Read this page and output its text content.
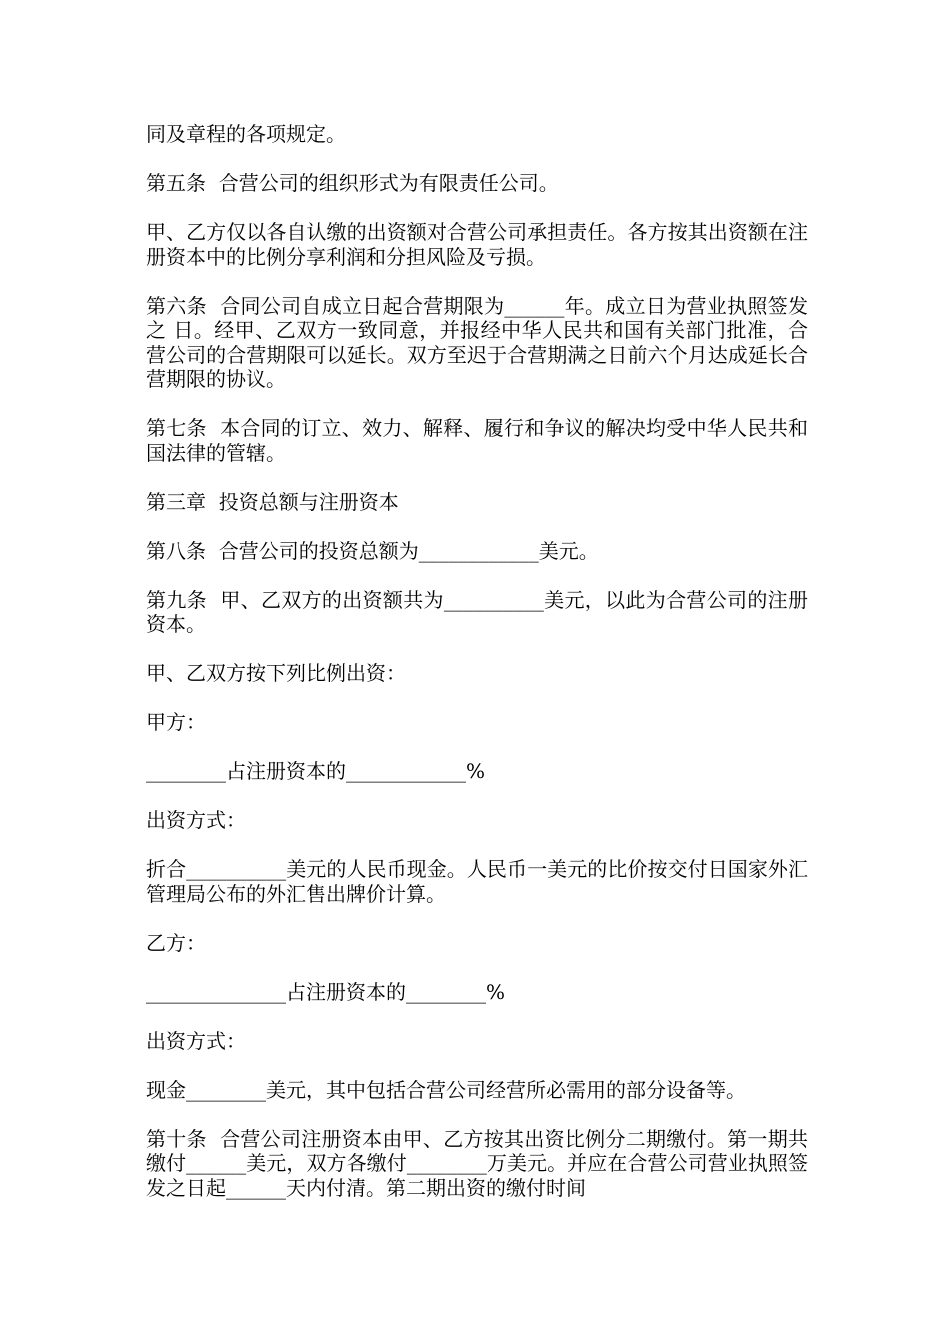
同及章程的各项规定。

第五条  合营公司的组织形式为有限责任公司。

甲、乙方仅以各自认缴的出资额对合营公司承担责任。各方按其出资额在注册资本中的比例分享利润和分担风险及亏损。

第六条  合同公司自成立日起合营期限为______年。成立日为营业执照签发之 日。经甲、乙双方一致同意，并报经中华人民共和国有关部门批准，合营公司的合营期限可以延长。双方至迟于合营期满之日前六个月达成延长合营期限的协议。

第七条  本合同的订立、效力、解释、履行和争议的解决均受中华人民共和国法律的管辖。

第三章  投资总额与注册资本

第八条  合营公司的投资总额为____________美元。

第九条  甲、乙双方的出资额共为__________美元，以此为合营公司的注册资本。

甲、乙双方按下列比例出资：

甲方：

________占注册资本的____________%

出资方式：

折合__________美元的人民币现金。人民币一美元的比价按交付日国家外汇管理局公布的外汇售出牌价计算。

乙方：

______________占注册资本的________%

出资方式：

现金________美元，其中包括合营公司经营所必需用的部分设备等。

第十条  合营公司注册资本由甲、乙方按其出资比例分二期缴付。第一期共缴付______美元，双方各缴付________万美元。并应在合营公司营业执照签发之日起______天内付清。第二期出资的缴付时间
